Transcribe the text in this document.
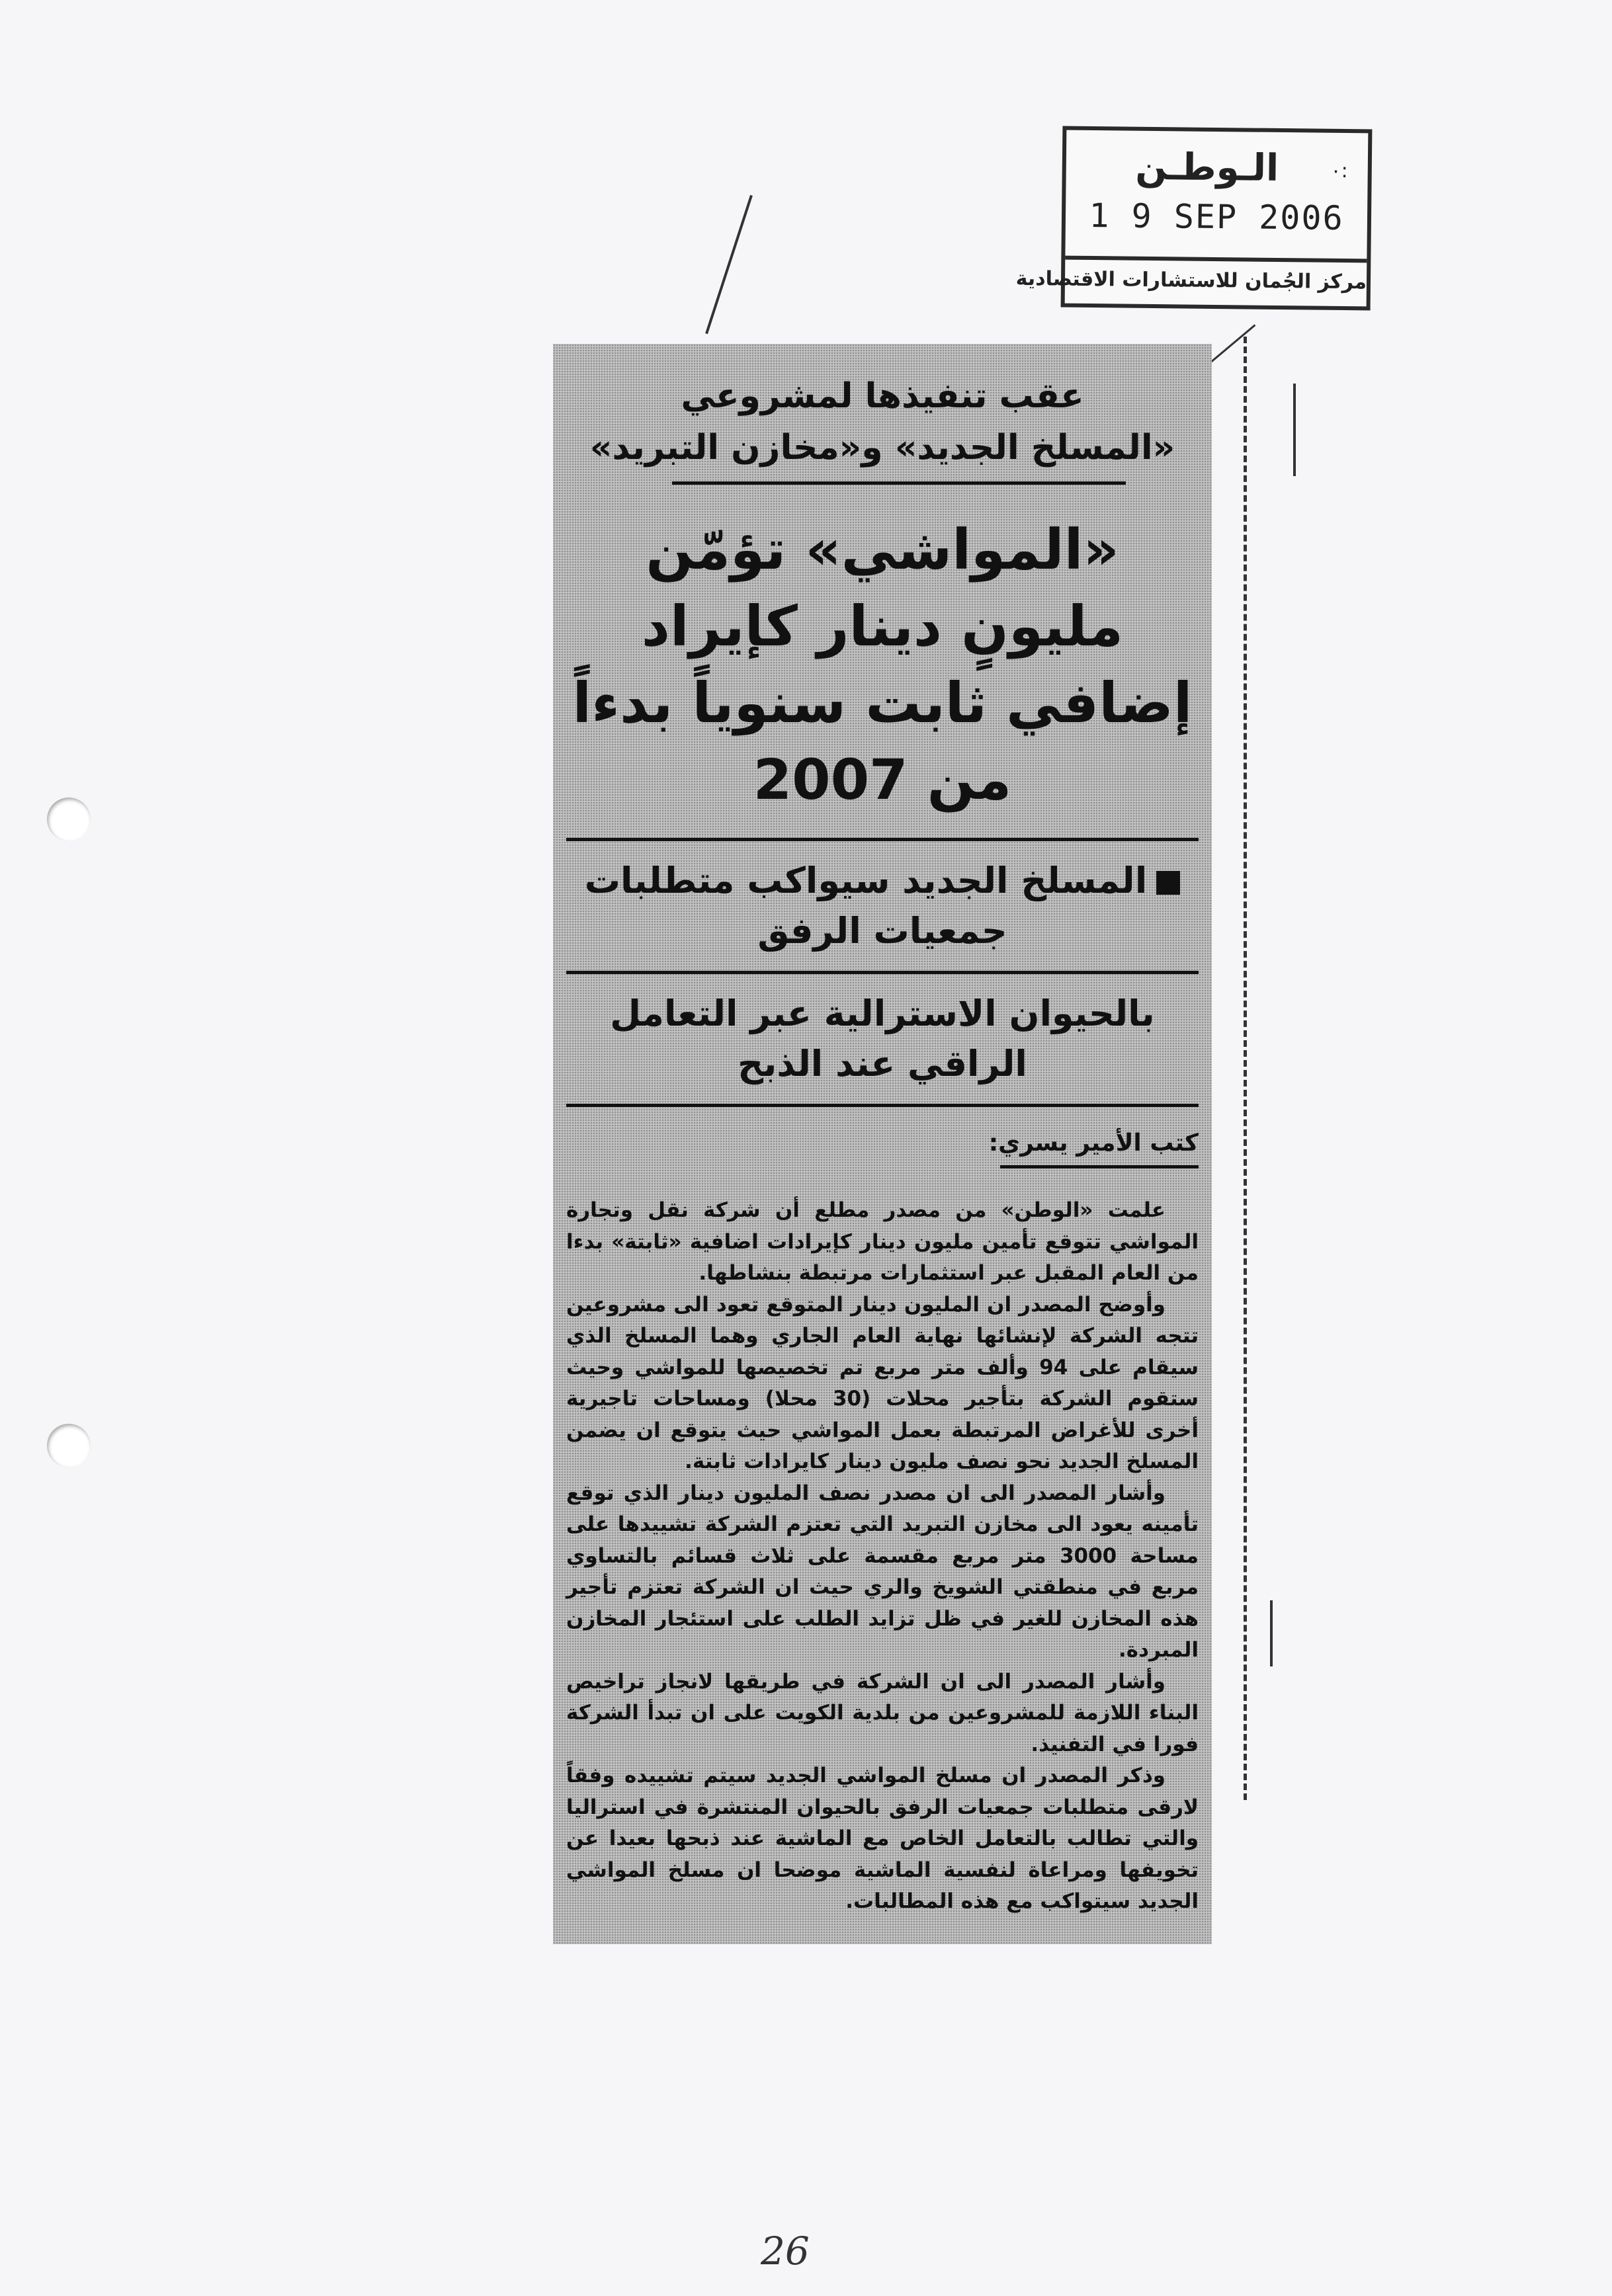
الـوطـن	٠:
1 9 SEP 2006
مركز الجُمان للاستشارات الاقتصادية
عقب تنفيذها لمشروعي
«المسلخ الجديد» و«مخازن التبريد»
«المواشي» تؤمّن مليونٍ دينار كإيراد
إضافي ثابت سنوياً بدءاً من 2007
المسلخ الجديد سيواكب متطلبات جمعيات الرفق
بالحيوان الاسترالية عبر التعامل الراقي عند الذبح
كتب الأمير يسري:

علمت «الوطن» من مصدر مطلع أن شركة نقل وتجارة المواشي تتوقع تأمين مليون دينار كإيرادات اضافية «ثابتة» بدءا من العام المقبل عبر استثمارات مرتبطة بنشاطها.

وأوضح المصدر ان المليون دينار المتوقع تعود الى مشروعين تتجه الشركة لإنشائها نهاية العام الجاري وهما المسلخ الذي سيقام على 94 وألف متر مربع تم تخصيصها للمواشي وحيث ستقوم الشركة بتأجير محلات (30 محلا) ومساحات تاجيرية أخرى للأغراض المرتبطة بعمل المواشي حيث يتوقع ان يضمن المسلخ الجديد نحو نصف مليون دينار كايرادات ثابتة.

وأشار المصدر الى ان مصدر نصف المليون دينار الذي توقع تأمينه يعود الى مخازن التبريد التي تعتزم الشركة تشييدها على مساحة 3000 متر مربع مقسمة على ثلاث قسائم بالتساوي مربع في منطقتي الشويخ والري حيث ان الشركة تعتزم تأجير هذه المخازن للغير في ظل تزايد الطلب على استئجار المخازن المبردة.

وأشار المصدر الى ان الشركة في طريقها لانجاز تراخيص البناء اللازمة للمشروعين من بلدية الكويت على ان تبدأ الشركة فورا في التفنيذ.

وذكر المصدر ان مسلخ المواشي الجديد سيتم تشييده وفقاً لارقى متطلبات جمعيات الرفق بالحيوان المنتشرة في استراليا والتي تطالب بالتعامل الخاص مع الماشية عند ذبحها بعيدا عن تخويفها ومراعاة لنفسية الماشية موضحا ان مسلخ المواشي الجديد سيتواكب مع هذه المطالبات.

26
